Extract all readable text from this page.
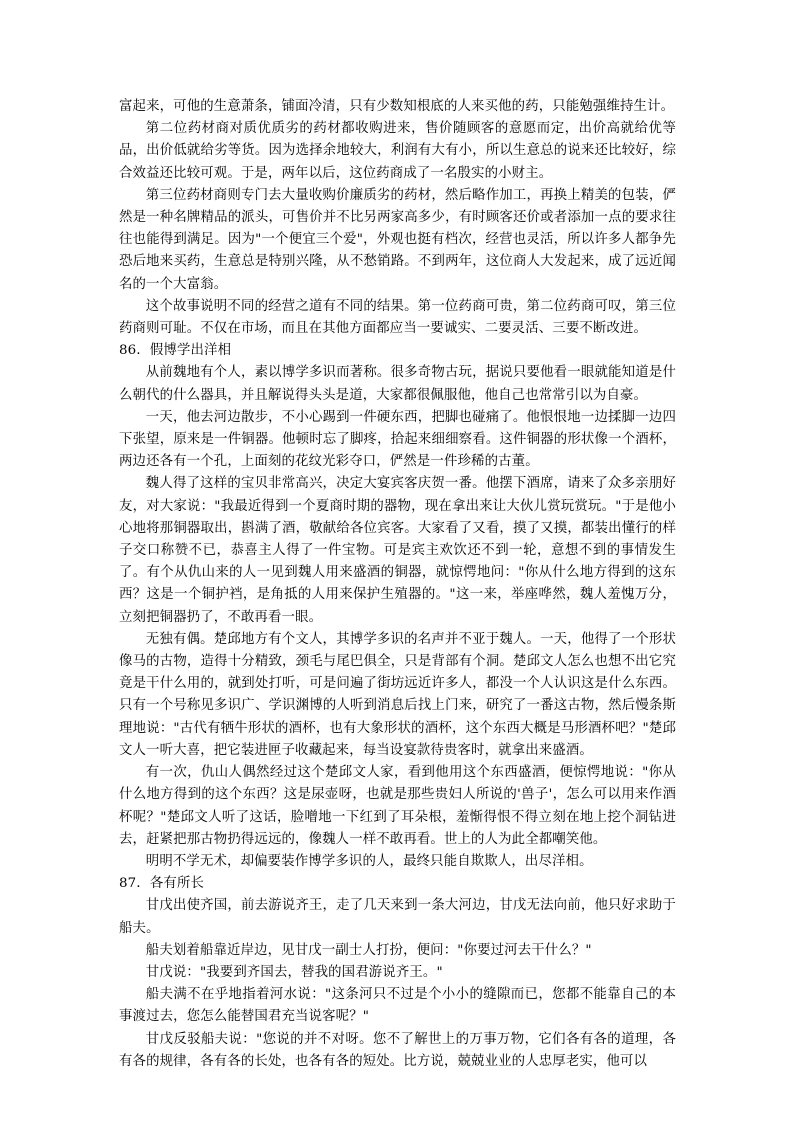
富起来，可他的生意萧条，铺面冷清，只有少数知根底的人来买他的药，只能勉强维持生计。

第二位药材商对质优质劣的药材都收购进来，售价随顾客的意愿而定，出价高就给优等品，出价低就给劣等货。因为选择余地较大，利润有大有小，所以生意总的说来还比较好，综合效益还比较可观。于是，两年以后，这位药商成了一名殷实的小财主。

第三位药材商则专门去大量收购价廉质劣的药材，然后略作加工，再换上精美的包装，俨然是一种名牌精品的派头，可售价并不比另两家高多少，有时顾客还价或者添加一点的要求往往也能得到满足。因为"一个便宜三个爱"，外观也挺有档次，经营也灵活，所以许多人都争先恐后地来买药，生意总是特别兴隆，从不愁销路。不到两年，这位商人大发起来，成了远近闻名的一个大富翁。

这个故事说明不同的经营之道有不同的结果。第一位药商可贵，第二位药商可叹，第三位药商则可耻。不仅在市场，而且在其他方面都应当一要诚实、二要灵活、三要不断改进。

86．假博学出洋相

从前魏地有个人，素以博学多识而著称。很多奇物古玩，据说只要他看一眼就能知道是什么朝代的什么器具，并且解说得头头是道，大家都很佩服他，他自己也常常引以为自豪。

一天，他去河边散步，不小心踢到一件硬东西，把脚也碰痛了。他恨恨地一边揉脚一边四下张望，原来是一件铜器。他顿时忘了脚疼，拾起来细细察看。这件铜器的形状像一个酒杯，两边还各有一个孔，上面刻的花纹光彩夺口，俨然是一件珍稀的古董。

魏人得了这样的宝贝非常高兴，决定大宴宾客庆贺一番。他摆下酒席，请来了众多亲朋好友，对大家说："我最近得到一个夏商时期的器物，现在拿出来让大伙儿赏玩赏玩。"于是他小心地将那铜器取出，斟满了酒，敬献给各位宾客。大家看了又看，摸了又摸，都装出懂行的样子交口称赞不已，恭喜主人得了一件宝物。可是宾主欢饮还不到一轮，意想不到的事情发生了。有个从仇山来的人一见到魏人用来盛酒的铜器，就惊愕地问："你从什么地方得到的这东西？这是一个铜护裆，是角抵的人用来保护生殖器的。"这一来，举座哗然，魏人羞愧万分，立刻把铜器扔了，不敢再看一眼。

无独有偶。楚邱地方有个文人，其博学多识的名声并不亚于魏人。一天，他得了一个形状像马的古物，造得十分精致，颈毛与尾巴俱全，只是背部有个洞。楚邱文人怎么也想不出它究竟是干什么用的，就到处打听，可是问遍了街坊远近许多人，都没一个人认识这是什么东西。只有一个号称见多识广、学识渊博的人听到消息后找上门来，研究了一番这古物，然后慢条斯理地说："古代有牺牛形状的酒杯，也有大象形状的酒杯，这个东西大概是马形酒杯吧？"楚邱文人一听大喜，把它装进匣子收藏起来，每当设宴款待贵客时，就拿出来盛酒。

有一次，仇山人偶然经过这个楚邱文人家，看到他用这个东西盛酒，便惊愕地说："你从什么地方得到的这个东西？这是尿壶呀，也就是那些贵妇人所说的'兽子'，怎么可以用来作酒杯呢？"楚邱文人听了这话，脸噌地一下红到了耳朵根，羞惭得恨不得立刻在地上挖个洞钻进去，赶紧把那古物扔得远远的，像魏人一样不敢再看。世上的人为此全都嘲笑他。

明明不学无术，却偏要装作博学多识的人，最终只能自欺欺人，出尽洋相。

87．各有所长

甘戊出使齐国，前去游说齐王，走了几天来到一条大河边，甘戊无法向前，他只好求助于船夫。

船夫划着船靠近岸边，见甘戊一副士人打扮，便问："你要过河去干什么？"

甘戊说："我要到齐国去，替我的国君游说齐王。"

船夫满不在乎地指着河水说："这条河只不过是个小小的缝隙而已，您都不能靠自己的本事渡过去，您怎么能替国君充当说客呢？"

甘戊反驳船夫说："您说的并不对呀。您不了解世上的万事万物，它们各有各的道理，各有各的规律，各有各的长处，也各有各的短处。比方说，兢兢业业的人忠厚老实，他可以
